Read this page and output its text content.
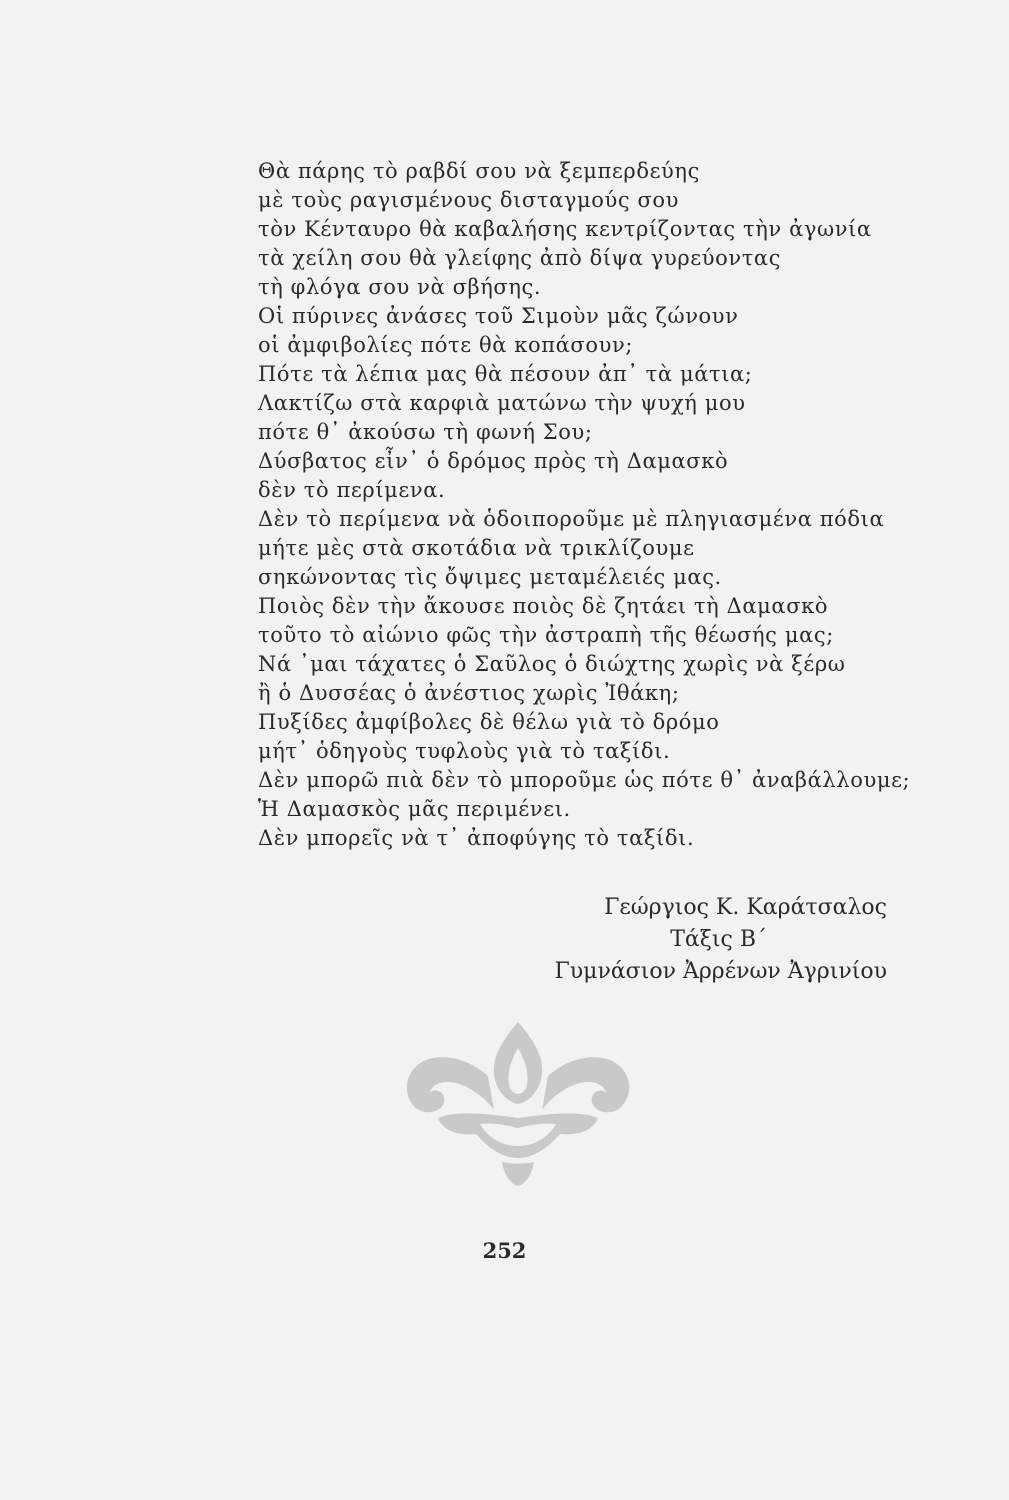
Θὰ πάρης τὸ ραβδί σου νὰ ξεμπερδεύης
μὲ τοὺς ραγισμένους δισταγμούς σου
τὸν Κένταυρο θὰ καβαλήσης κεντρίζοντας τὴν ἀγωνία
τὰ χείλη σου θὰ γλείφης ἀπὸ δίψα γυρεύοντας
τὴ φλόγα σου νὰ σβήσης.
Οἱ πύρινες ἀνάσες τοῦ Σιμοὺν μᾶς ζώνουν
οἱ ἀμφιβολίες πότε θὰ κοπάσουν;
Πότε τὰ λέπια μας θὰ πέσουν ἀπ᾽ τὰ μάτια;
Λακτίζω στὰ καρφιὰ ματώνω τὴν ψυχή μου
πότε θ᾽ ἀκούσω τὴ φωνή Σου;
Δύσβατος εἶν᾽ ὁ δρόμος πρὸς τὴ Δαμασκὸ
δὲν τὸ περίμενα.
Δὲν τὸ περίμενα νὰ ὁδοιποροῦμε μὲ πληγιασμένα πόδια
μήτε μὲς στὰ σκοτάδια νὰ τρικλίζουμε
σηκώνοντας τὶς ὄψιμες μεταμέλειές μας.
Ποιὸς δὲν τὴν ἄκουσε ποιὸς δὲ ζητάει τὴ Δαμασκὸ
τοῦτο τὸ αἰώνιο φῶς τὴν ἀστραπὴ τῆς θέωσής μας;
Νά ᾽μαι τάχατες ὁ Σαῦλος ὁ διώχτης χωρὶς νὰ ξέρω
ἢ ὁ Δυσσέας ὁ ἀνέστιος χωρὶς Ἰθάκη;
Πυξίδες ἀμφίβολες δὲ θέλω γιὰ τὸ δρόμο
μήτ᾽ ὁδηγοὺς τυφλοὺς γιὰ τὸ ταξίδι.
Δὲν μπορῶ πιὰ δὲν τὸ μποροῦμε ὡς πότε θ᾽ ἀναβάλλουμε;
Ἡ Δαμασκὸς μᾶς περιμένει.
Δὲν μπορεῖς νὰ τ᾽ ἀποφύγης τὸ ταξίδι.
Γεώργιος Κ. Καράτσαλος
Τάξις Β΄
Γυμνάσιον Ἀρρένων Ἀγρινίου
252
